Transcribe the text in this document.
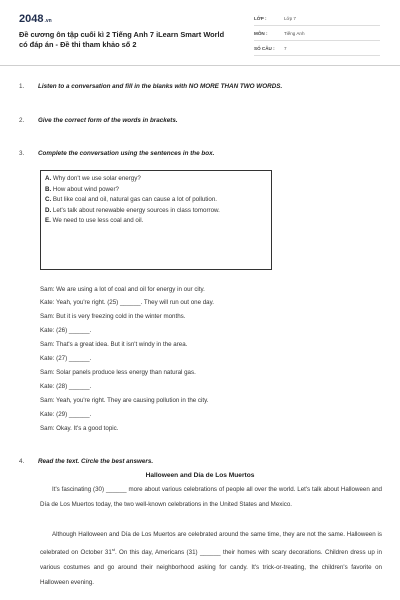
2048.vn
Đề cương ôn tập cuối kì 2 Tiếng Anh 7 iLearn Smart World
có đáp án - Đề thi tham khảo số 2
LỚP :	Lớp 7
MÔN :	Tiếng Anh
SỐ CÂU : 7
1. Listen to a conversation and fill in the blanks with NO MORE THAN TWO WORDS.
2. Give the correct form of the words in brackets.
3. Complete the conversation using the sentences in the box.
A. Why don't we use solar energy?
B. How about wind power?
C. But like coal and oil, natural gas can cause a lot of pollution.
D. Let's talk about renewable energy sources in class tomorrow.
E. We need to use less coal and oil.
Sam: We are using a lot of coal and oil for energy in our city.
Kate: Yeah, you're right. (25) ______. They will run out one day.
Sam: But it is very freezing cold in the winter months.
Kate: (26) ______.
Sam: That's a great idea. But it isn't windy in the area.
Kate: (27) ______.
Sam: Solar panels produce less energy than natural gas.
Kate: (28) ______.
Sam: Yeah, you're right. They are causing pollution in the city.
Kate: (29) ______.
Sam: Okay. It's a good topic.
4. Read the text. Circle the best answers.
Halloween and Día de Los Muertos

It's fascinating (30) ______ more about various celebrations of people all over the world. Let's talk about Halloween and Día de Los Muertos today, the two well-known celebrations in the United States and Mexico.

Although Halloween and Día de Los Muertos are celebrated around the same time, they are not the same. Halloween is celebrated on October 31st. On this day, Americans (31) ______ their homes with scary decorations. Children dress up in various costumes and go around their neighborhood asking for candy. It's trick-or-treating, the children's favorite on Halloween evening.
